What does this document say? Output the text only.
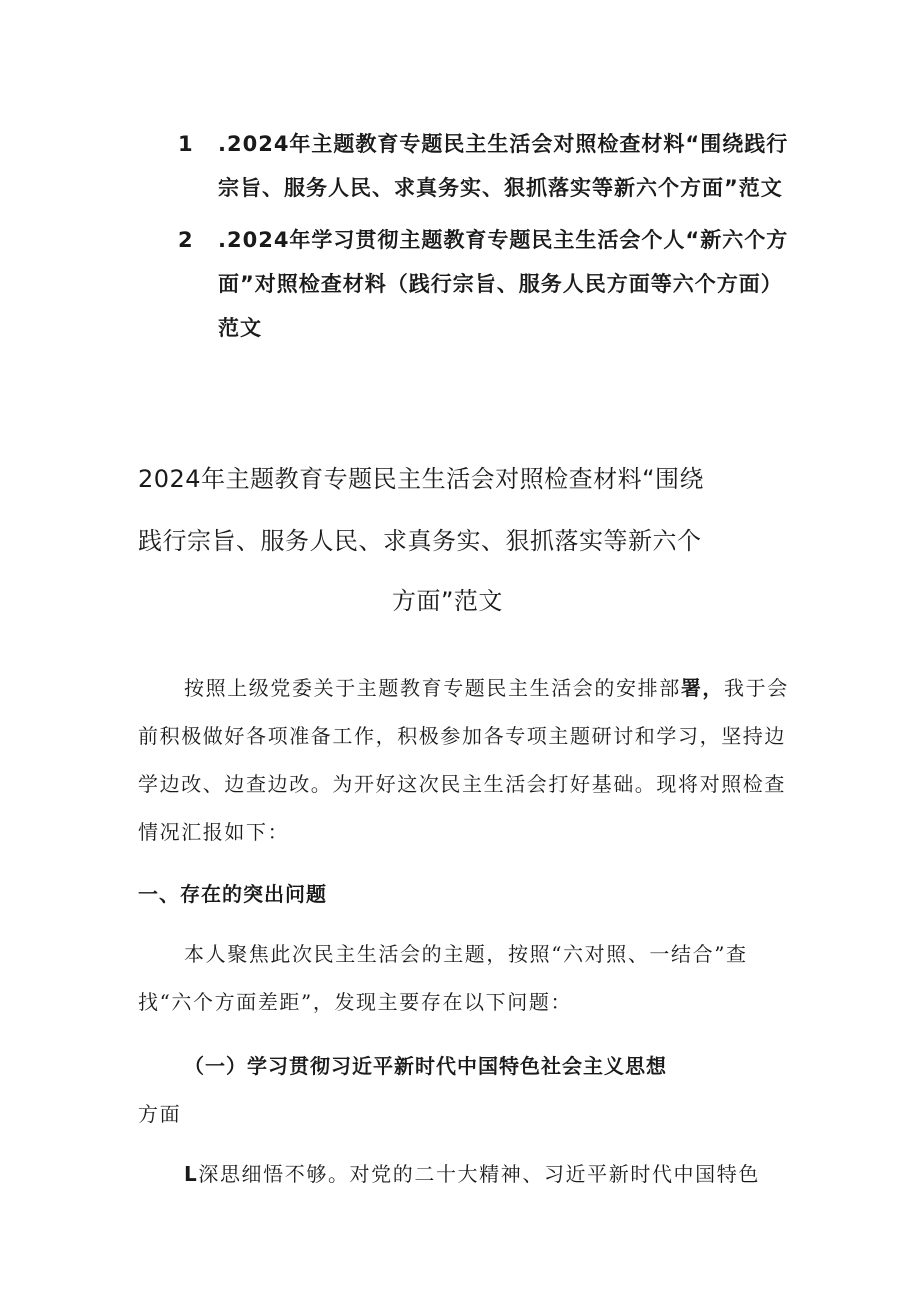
1	.2024年主题教育专题民主生活会对照检查材料“围绕践行宗旨、服务人民、求真务实、狠抓落实等新六个方面”范文
2	.2024年学习贯彻主题教育专题民主生活会个人“新六个方面”对照检查材料（践行宗旨、服务人民方面等六个方面）范文
2024年主题教育专题民主生活会对照检查材料“围绕
践行宗旨、服务人民、求真务实、狠抓落实等新六个
方面”范文

按照上级党委关于主题教育专题民主生活会的安排部署，我于会前积极做好各项准备工作，积极参加各专项主题研讨和学习，坚持边学边改、边查边改。为开好这次民主生活会打好基础。现将对照检查情况汇报如下：

一、存在的突出问题

本人聚焦此次民主生活会的主题，按照“六对照、一结合”查找“六个方面差距”，发现主要存在以下问题：

（一）学习贯彻习近平新时代中国特色社会主义思想
方面

L深思细悟不够。对党的二十大精神、习近平新时代中国特色
